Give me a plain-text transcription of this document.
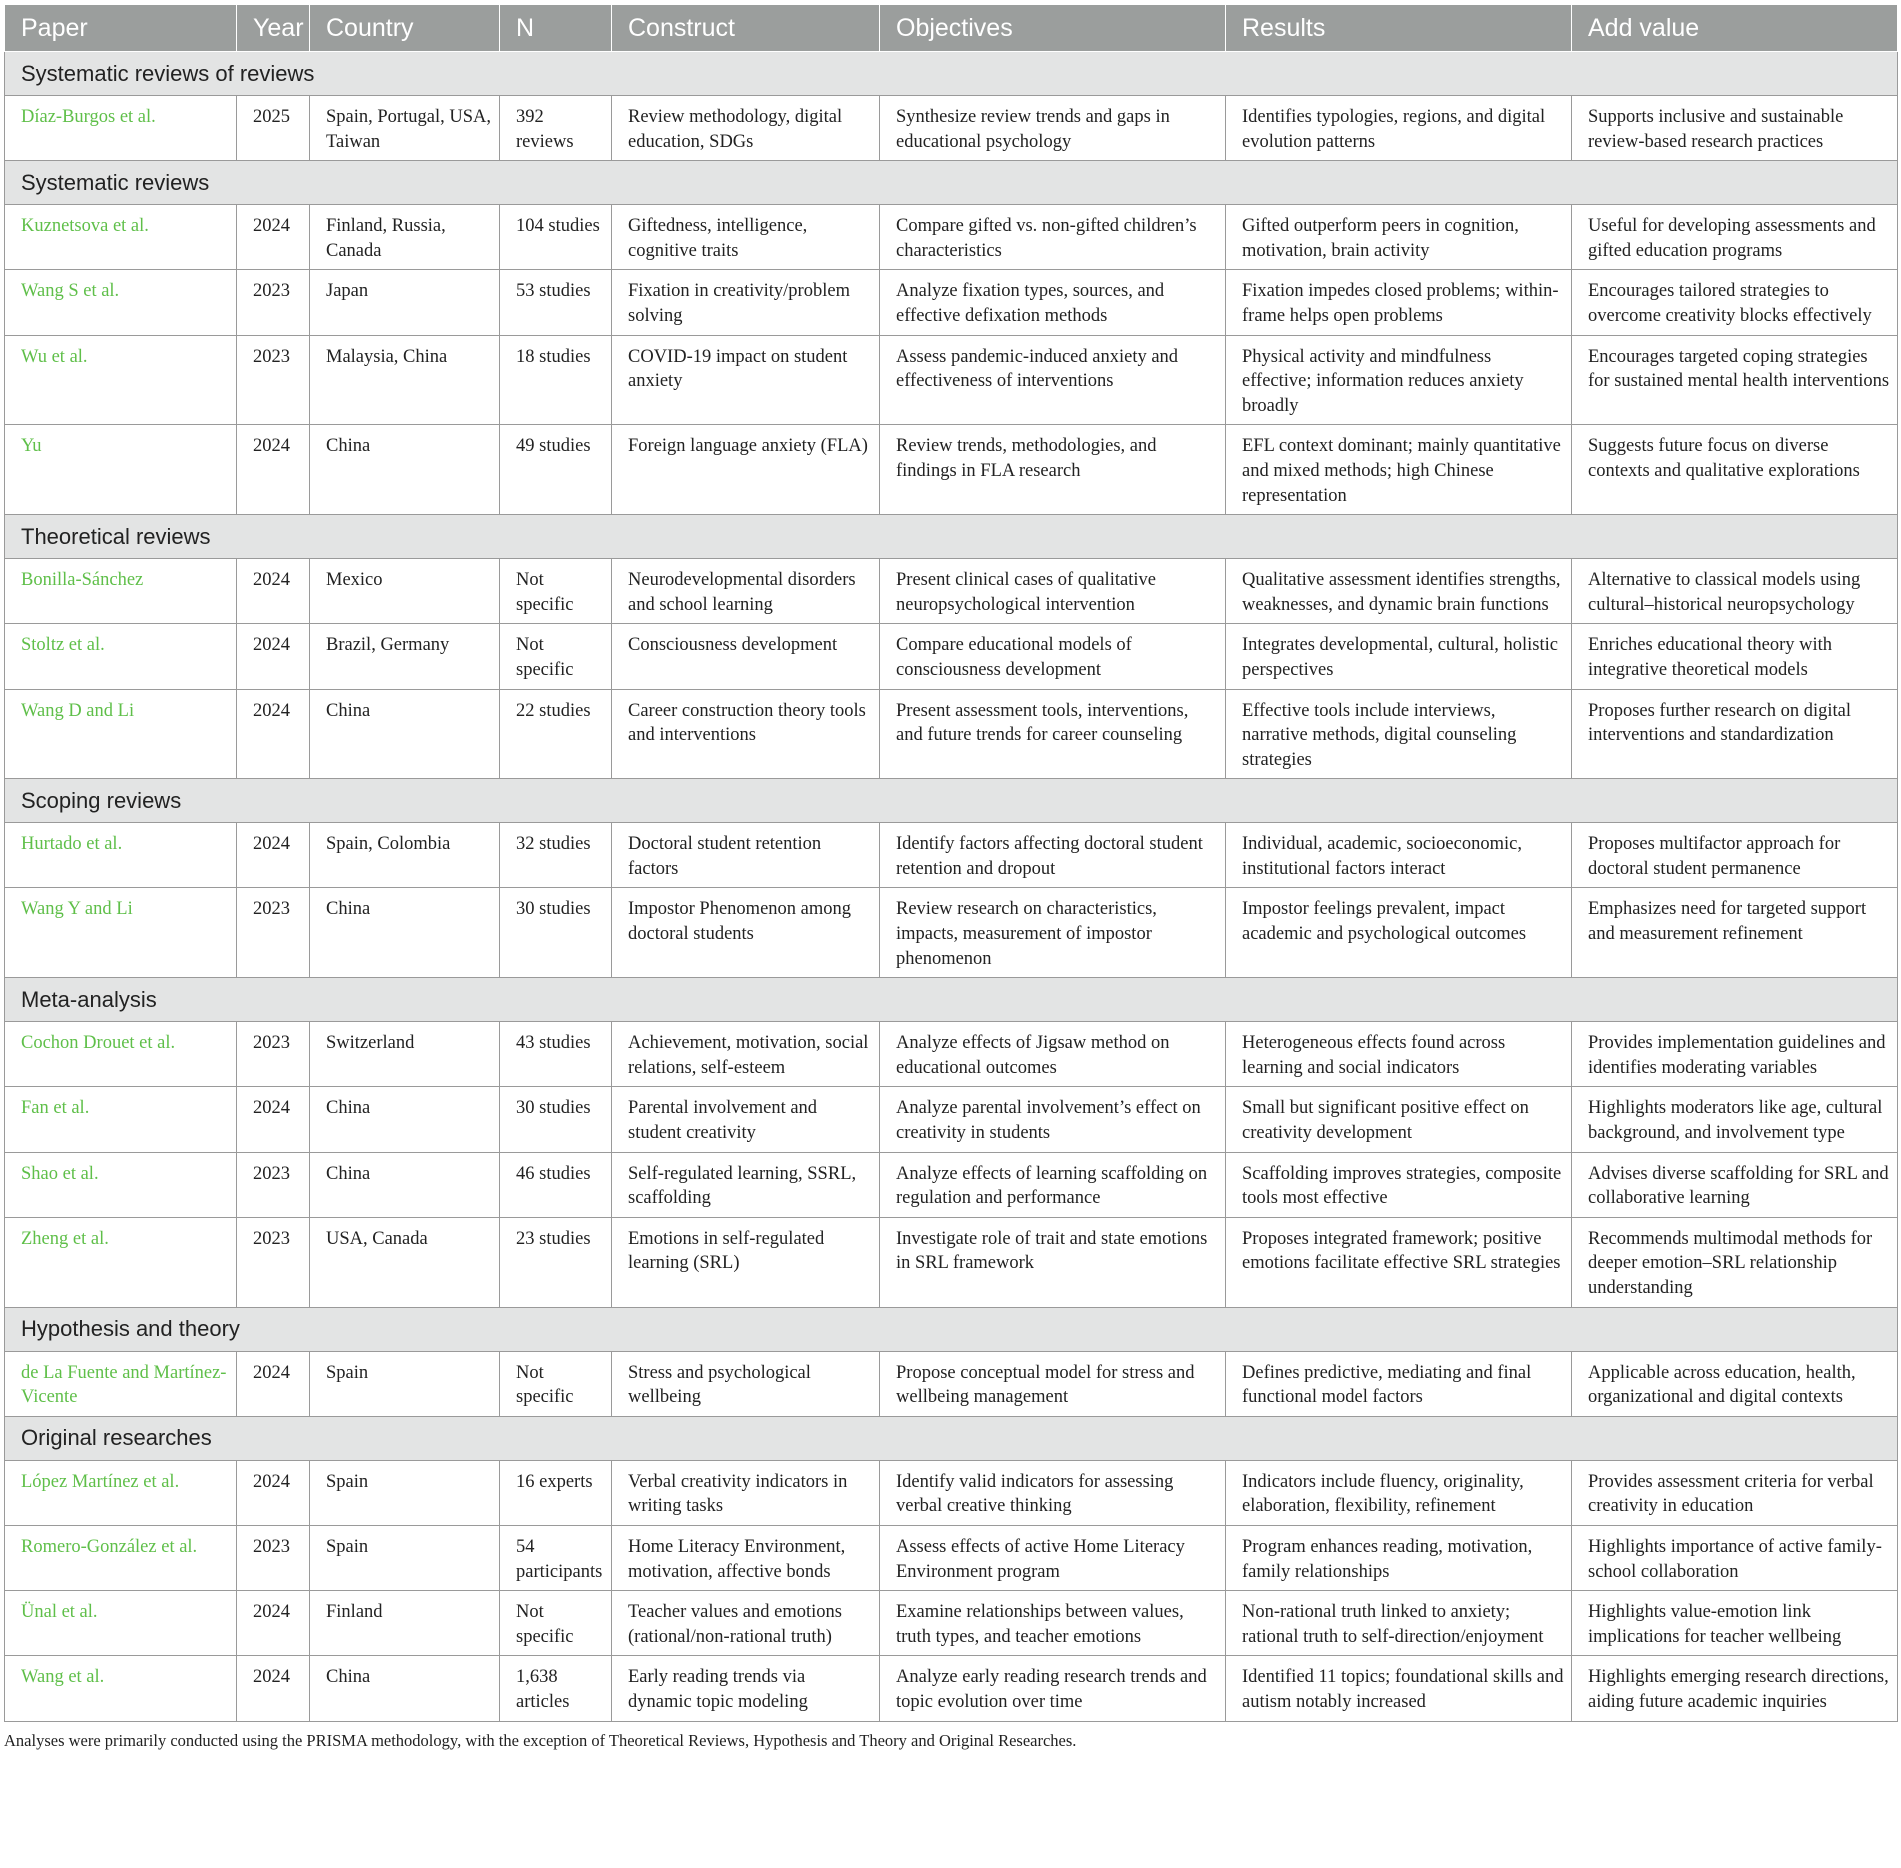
Paper	Year	Country	N	Construct	Objectives	Results	Add value
Systematic reviews of reviews							
Díaz-Burgos et al.	2025	Spain, Portugal, USA, Taiwan	392 reviews	Review methodology, digital education, SDGs	Synthesize review trends and gaps in educational psychology	Identifies typologies, regions, and digital evolution patterns	Supports inclusive and sustainable review-based research practices
Systematic reviews							
Kuznetsova et al.	2024	Finland, Russia, Canada	104 studies	Giftedness, intelligence, cognitive traits	Compare gifted vs. non-gifted children’s characteristics	Gifted outperform peers in cognition, motivation, brain activity	Useful for developing assessments and gifted education programs
Wang S et al.	2023	Japan	53 studies	Fixation in creativity/problem solving	Analyze fixation types, sources, and effective defixation methods	Fixation impedes closed problems; within-frame helps open problems	Encourages tailored strategies to overcome creativity blocks effectively
Wu et al.	2023	Malaysia, China	18 studies	COVID-19 impact on student anxiety	Assess pandemic-induced anxiety and effectiveness of interventions	Physical activity and mindfulness effective; information reduces anxiety broadly	Encourages targeted coping strategies for sustained mental health interventions
Yu	2024	China	49 studies	Foreign language anxiety (FLA)	Review trends, methodologies, and findings in FLA research	EFL context dominant; mainly quantitative and mixed methods; high Chinese representation	Suggests future focus on diverse contexts and qualitative explorations
Theoretical reviews							
Bonilla-Sánchez	2024	Mexico	Not specific	Neurodevelopmental disorders and school learning	Present clinical cases of qualitative neuropsychological intervention	Qualitative assessment identifies strengths, weaknesses, and dynamic brain functions	Alternative to classical models using cultural–historical neuropsychology
Stoltz et al.	2024	Brazil, Germany	Not specific	Consciousness development	Compare educational models of consciousness development	Integrates developmental, cultural, holistic perspectives	Enriches educational theory with integrative theoretical models
Wang D and Li	2024	China	22 studies	Career construction theory tools and interventions	Present assessment tools, interventions, and future trends for career counseling	Effective tools include interviews, narrative methods, digital counseling strategies	Proposes further research on digital interventions and standardization
Scoping reviews							
Hurtado et al.	2024	Spain, Colombia	32 studies	Doctoral student retention factors	Identify factors affecting doctoral student retention and dropout	Individual, academic, socioeconomic, institutional factors interact	Proposes multifactor approach for doctoral student permanence
Wang Y and Li	2023	China	30 studies	Impostor Phenomenon among doctoral students	Review research on characteristics, impacts, measurement of impostor phenomenon	Impostor feelings prevalent, impact academic and psychological outcomes	Emphasizes need for targeted support and measurement refinement
Meta-analysis							
Cochon Drouet et al.	2023	Switzerland	43 studies	Achievement, motivation, social relations, self-esteem	Analyze effects of Jigsaw method on educational outcomes	Heterogeneous effects found across learning and social indicators	Provides implementation guidelines and identifies moderating variables
Fan et al.	2024	China	30 studies	Parental involvement and student creativity	Analyze parental involvement’s effect on creativity in students	Small but significant positive effect on creativity development	Highlights moderators like age, cultural background, and involvement type
Shao et al.	2023	China	46 studies	Self-regulated learning, SSRL, scaffolding	Analyze effects of learning scaffolding on regulation and performance	Scaffolding improves strategies, composite tools most effective	Advises diverse scaffolding for SRL and collaborative learning
Zheng et al.	2023	USA, Canada	23 studies	Emotions in self-regulated learning (SRL)	Investigate role of trait and state emotions in SRL framework	Proposes integrated framework; positive emotions facilitate effective SRL strategies	Recommends multimodal methods for deeper emotion–SRL relationship understanding
Hypothesis and theory							
de La Fuente and Martínez-Vicente	2024	Spain	Not specific	Stress and psychological wellbeing	Propose conceptual model for stress and wellbeing management	Defines predictive, mediating and final functional model factors	Applicable across education, health, organizational and digital contexts
Original researches							
López Martínez et al.	2024	Spain	16 experts	Verbal creativity indicators in writing tasks	Identify valid indicators for assessing verbal creative thinking	Indicators include fluency, originality, elaboration, flexibility, refinement	Provides assessment criteria for verbal creativity in education
Romero-González et al.	2023	Spain	54 participants	Home Literacy Environment, motivation, affective bonds	Assess effects of active Home Literacy Environment program	Program enhances reading, motivation, family relationships	Highlights importance of active family-school collaboration
Ünal et al.	2024	Finland	Not specific	Teacher values and emotions (rational/non-rational truth)	Examine relationships between values, truth types, and teacher emotions	Non-rational truth linked to anxiety; rational truth to self-direction/enjoyment	Highlights value-emotion link implications for teacher wellbeing
Wang et al.	2024	China	1,638 articles	Early reading trends via dynamic topic modeling	Analyze early reading research trends and topic evolution over time	Identified 11 topics; foundational skills and autism notably increased	Highlights emerging research directions, aiding future academic inquiries
Analyses were primarily conducted using the PRISMA methodology, with the exception of Theoretical Reviews, Hypothesis and Theory and Original Researches.
